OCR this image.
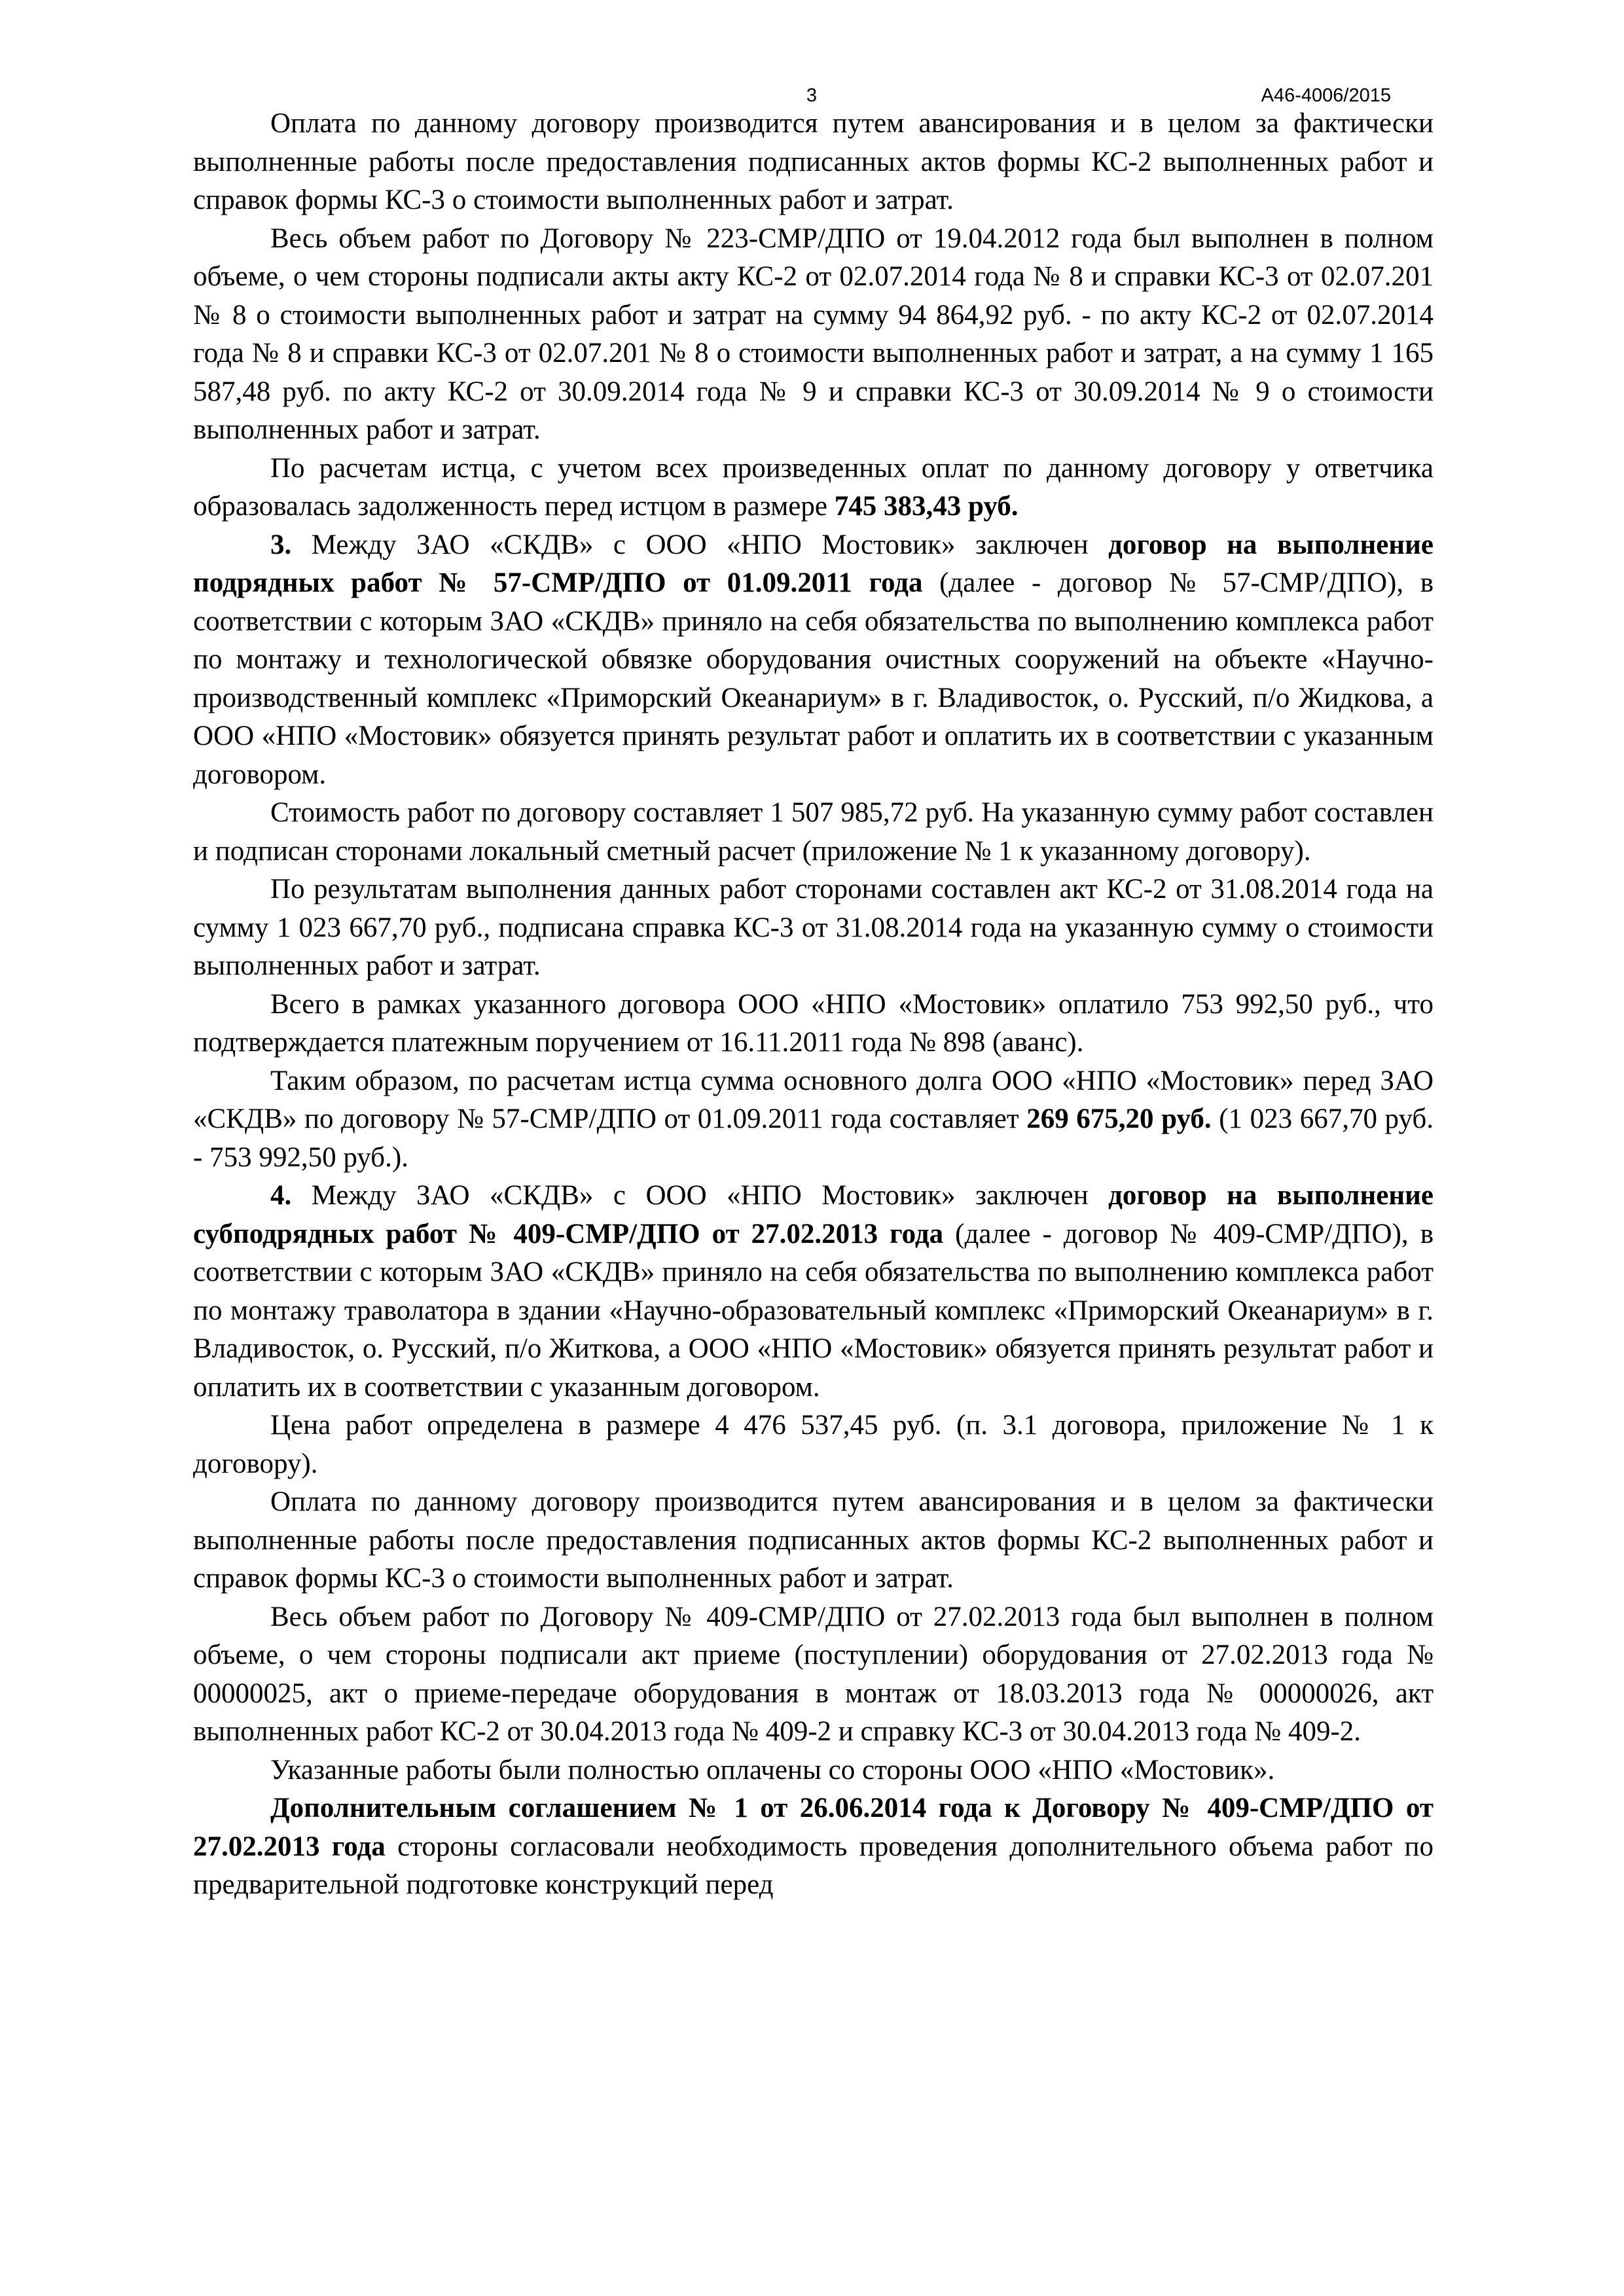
3	А46-4006/2015

Оплата по данному договору производится путем авансирования и в целом за фактически выполненные работы после предоставления подписанных актов формы КС-2 выполненных работ и справок формы КС-3 о стоимости выполненных работ и затрат.

Весь объем работ по Договору № 223-СМР/ДПО от 19.04.2012 года был выполнен в полном объеме, о чем стороны подписали акты акту КС-2 от 02.07.2014 года № 8 и справки КС-3 от 02.07.201 № 8 о стоимости выполненных работ и затрат на сумму 94 864,92 руб. - по акту КС-2 от 02.07.2014 года № 8 и справки КС-3 от 02.07.201 № 8 о стоимости выполненных работ и затрат, а на сумму 1 165 587,48 руб. по акту КС-2 от 30.09.2014 года № 9 и справки КС-3 от 30.09.2014 № 9 о стоимости выполненных работ и затрат.

По расчетам истца, с учетом всех произведенных оплат по данному договору у ответчика образовалась задолженность перед истцом в размере 745 383,43 руб.

3. Между ЗАО «СКДВ» с ООО «НПО Мостовик» заключен договор на выполнение подрядных работ № 57-СМР/ДПО от 01.09.2011 года (далее - договор № 57-СМР/ДПО), в соответствии с которым ЗАО «СКДВ» приняло на себя обязательства по выполнению комплекса работ по монтажу и технологической обвязке оборудования очистных сооружений на объекте «Научно-производственный комплекс «Приморский Океанариум» в г. Владивосток, о. Русский, п/о Жидкова, а ООО «НПО «Мостовик» обязуется принять результат работ и оплатить их в соответствии с указанным договором.

Стоимость работ по договору составляет 1 507 985,72 руб. На указанную сумму работ составлен и подписан сторонами локальный сметный расчет (приложение № 1 к указанному договору).

По результатам выполнения данных работ сторонами составлен акт КС-2 от 31.08.2014 года на сумму 1 023 667,70 руб., подписана справка КС-3 от 31.08.2014 года на указанную сумму о стоимости выполненных работ и затрат.

Всего в рамках указанного договора ООО «НПО «Мостовик» оплатило 753 992,50 руб., что подтверждается платежным поручением от 16.11.2011 года № 898 (аванс).

Таким образом, по расчетам истца сумма основного долга ООО «НПО «Мостовик» перед ЗАО «СКДВ» по договору № 57-СМР/ДПО от 01.09.2011 года составляет 269 675,20 руб. (1 023 667,70 руб. - 753 992,50 руб.).

4. Между ЗАО «СКДВ» с ООО «НПО Мостовик» заключен договор на выполнение субподрядных работ № 409-СМР/ДПО от 27.02.2013 года (далее - договор № 409-СМР/ДПО), в соответствии с которым ЗАО «СКДВ» приняло на себя обязательства по выполнению комплекса работ по монтажу траволатора в здании «Научно-образовательный комплекс «Приморский Океанариум» в г. Владивосток, о. Русский, п/о Житкова, а ООО «НПО «Мостовик» обязуется принять результат работ и оплатить их в соответствии с указанным договором.

Цена работ определена в размере 4 476 537,45 руб. (п. 3.1 договора, приложение № 1 к договору).

Оплата по данному договору производится путем авансирования и в целом за фактически выполненные работы после предоставления подписанных актов формы КС-2 выполненных работ и справок формы КС-3 о стоимости выполненных работ и затрат.

Весь объем работ по Договору № 409-СМР/ДПО от 27.02.2013 года был выполнен в полном объеме, о чем стороны подписали акт приеме (поступлении) оборудования от 27.02.2013 года № 00000025, акт о приеме-передаче оборудования в монтаж от 18.03.2013 года № 00000026, акт выполненных работ КС-2 от 30.04.2013 года № 409-2 и справку КС-3 от 30.04.2013 года № 409-2.

Указанные работы были полностью оплачены со стороны ООО «НПО «Мостовик».

Дополнительным соглашением № 1 от 26.06.2014 года к Договору № 409-СМР/ДПО от 27.02.2013 года стороны согласовали необходимость проведения дополнительного объема работ по предварительной подготовке конструкций перед
